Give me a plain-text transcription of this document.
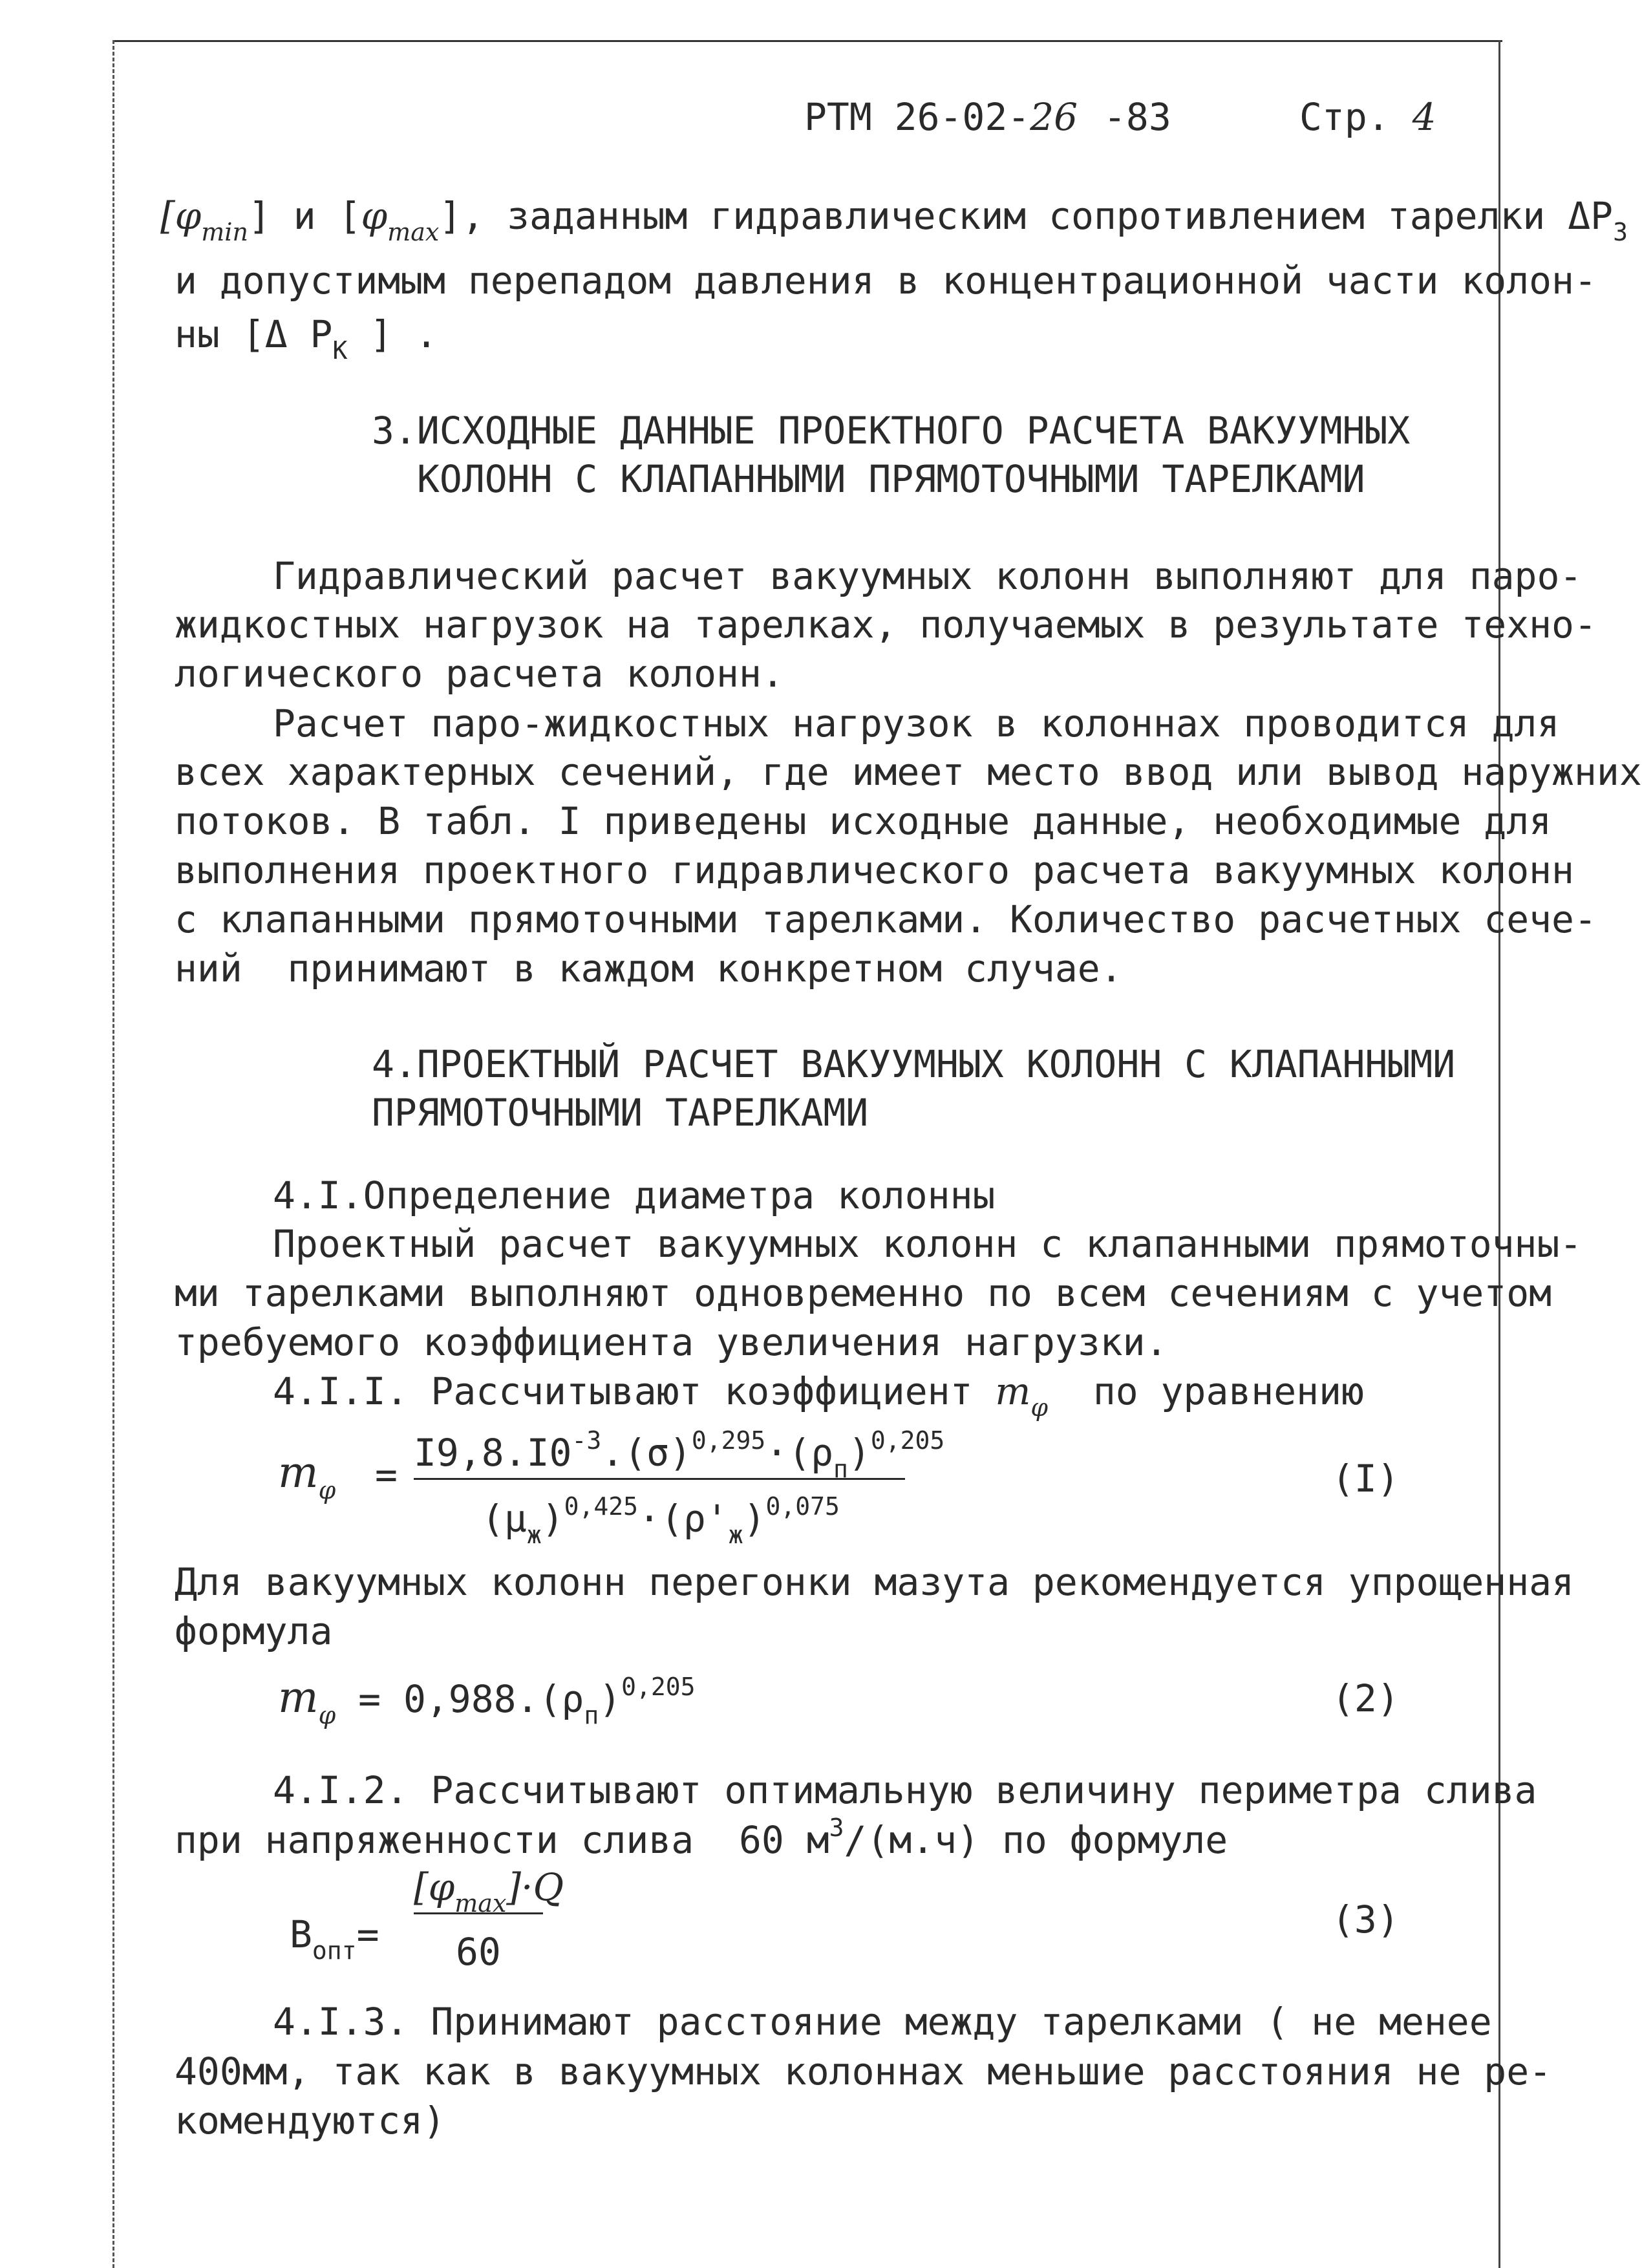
РТМ 26-02-26 -83	Стр. 4
$[\varphi_{min}]$ и $[\varphi_{max}]$, заданным гидравлическим сопротивлением тарелки $\Delta Р_З$
и допустимым перепадом давления в концентрационной части колон-
ны [Δ $Р_К$ ] .
3.ИСХОДНЫЕ ДАННЫЕ ПРОЕКТНОГО РАСЧЕТА ВАКУУМНЫХ
КОЛОНН С КЛАПАННЫМИ ПРЯМОТОЧНЫМИ ТАРЕЛКАМИ
Гидравлический расчет вакуумных колонн выполняют для паро-
жидкостных нагрузок на тарелках, получаемых в результате техно-
логического расчета колонн.
Расчет паро-жидкостных нагрузок в колоннах проводится для
всех характерных сечений, где имеет место ввод или вывод наружних
потоков. В табл. I приведены исходные данные, необходимые для
выполнения проектного гидравлического расчета вакуумных колонн
с клапанными прямоточными тарелками. Количество расчетных сече-
ний  принимают в каждом конкретном случае.
4.ПРОЕКТНЫЙ РАСЧЕТ ВАКУУМНЫХ КОЛОНН С КЛАПАННЫМИ
ПРЯМОТОЧНЫМИ ТАРЕЛКАМИ
4.I.Определение диаметра колонны
Проектный расчет вакуумных колонн с клапанными прямоточны-
ми тарелками выполняют одновременно по всем сечениям с учетом
требуемого коэффициента увеличения нагрузки.
4.I.I. Рассчитывают коэффициент $m_\varphi$ по уравнению
$m_\varphi = I9,8.I0^{-3}.(\sigma)^{0,295}\cdot(\rho_п)^{0,205}$
$(\mu_ж)^{0,425}\cdot(\rho'_ж)^{0,075}$
(I)
Для вакуумных колонн перегонки мазута рекомендуется упрощенная
формула
$m_\varphi = 0,988.(\rho_п)^{0,205}$	(2)
4.I.2. Рассчитывают оптимальную величину периметра слива
при напряженности слива  60 $м^3/(м.ч)$ по формуле
$В_{опт}=$
$[\varphi_{max}]\cdot Q$
60
(3)
4.I.3. Принимают расстояние между тарелками ( не менее
400мм, так как в вакуумных колоннах меньшие расстояния не ре-
комендуются)
